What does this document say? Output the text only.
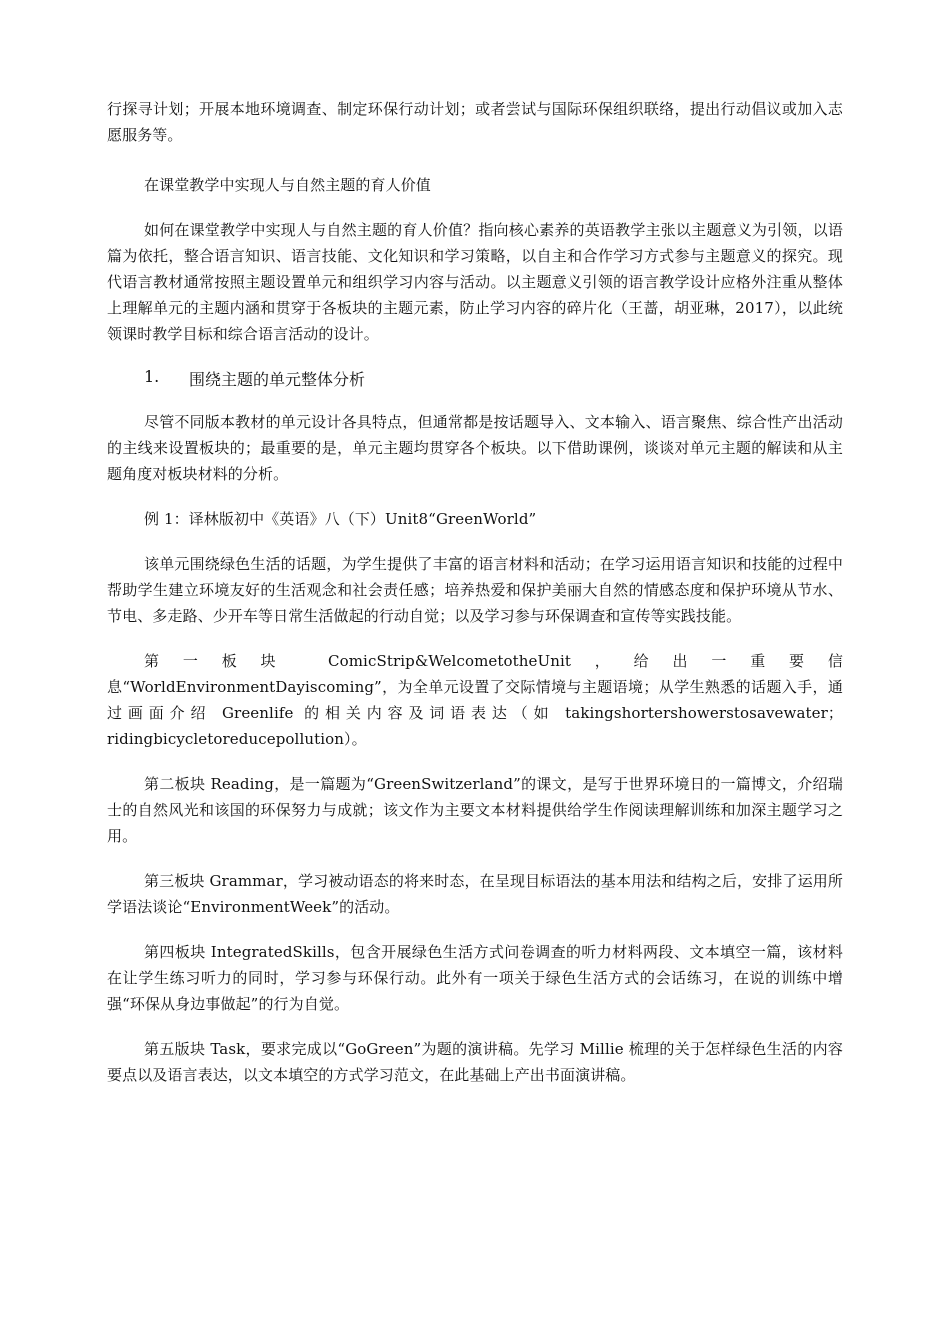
行探寻计划；开展本地环境调查、制定环保行动计划；或者尝试与国际环保组织联络，提出行动倡议或加入志愿服务等。

在课堂教学中实现人与自然主题的育人价值

如何在课堂教学中实现人与自然主题的育人价值？指向核心素养的英语教学主张以主题意义为引领，以语篇为依托，整合语言知识、语言技能、文化知识和学习策略，以自主和合作学习方式参与主题意义的探究。现代语言教材通常按照主题设置单元和组织学习内容与活动。以主题意义引领的语言教学设计应格外注重从整体上理解单元的主题内涵和贯穿于各板块的主题元素，防止学习内容的碎片化（王蔷，胡亚琳，2017），以此统领课时教学目标和综合语言活动的设计。

1.	围绕主题的单元整体分析

尽管不同版本教材的单元设计各具特点，但通常都是按话题导入、文本输入、语言聚焦、综合性产出活动的主线来设置板块的；最重要的是，单元主题均贯穿各个板块。以下借助课例，谈谈对单元主题的解读和从主题角度对板块材料的分析。

例 1：译林版初中《英语》八（下）Unit8“GreenWorld”

该单元围绕绿色生活的话题，为学生提供了丰富的语言材料和活动；在学习运用语言知识和技能的过程中帮助学生建立环境友好的生活观念和社会责任感；培养热爱和保护美丽大自然的情感态度和保护环境从节水、节电、多走路、少开车等日常生活做起的行动自觉；以及学习参与环保调查和宣传等实践技能。

第一板块 ComicStrip&WelcometotheUnit，给出一重要信息“WorldEnvironmentDayiscoming”，为全单元设置了交际情境与主题语境；从学生熟悉的话题入手，通过画面介绍 Greenlife 的相关内容及词语表达（如 takingshortershowerstosavewater；ridingbicycletoreducepollution）。

第二板块 Reading，是一篇题为“GreenSwitzerland”的课文，是写于世界环境日的一篇博文，介绍瑞士的自然风光和该国的环保努力与成就；该文作为主要文本材料提供给学生作阅读理解训练和加深主题学习之用。

第三板块 Grammar，学习被动语态的将来时态，在呈现目标语法的基本用法和结构之后，安排了运用所学语法谈论“EnvironmentWeek”的活动。

第四板块 IntegratedSkills，包含开展绿色生活方式问卷调查的听力材料两段、文本填空一篇，该材料在让学生练习听力的同时，学习参与环保行动。此外有一项关于绿色生活方式的会话练习，在说的训练中增强“环保从身边事做起”的行为自觉。

第五版块 Task，要求完成以“GoGreen”为题的演讲稿。先学习 Millie 梳理的关于怎样绿色生活的内容要点以及语言表达，以文本填空的方式学习范文，在此基础上产出书面演讲稿。
